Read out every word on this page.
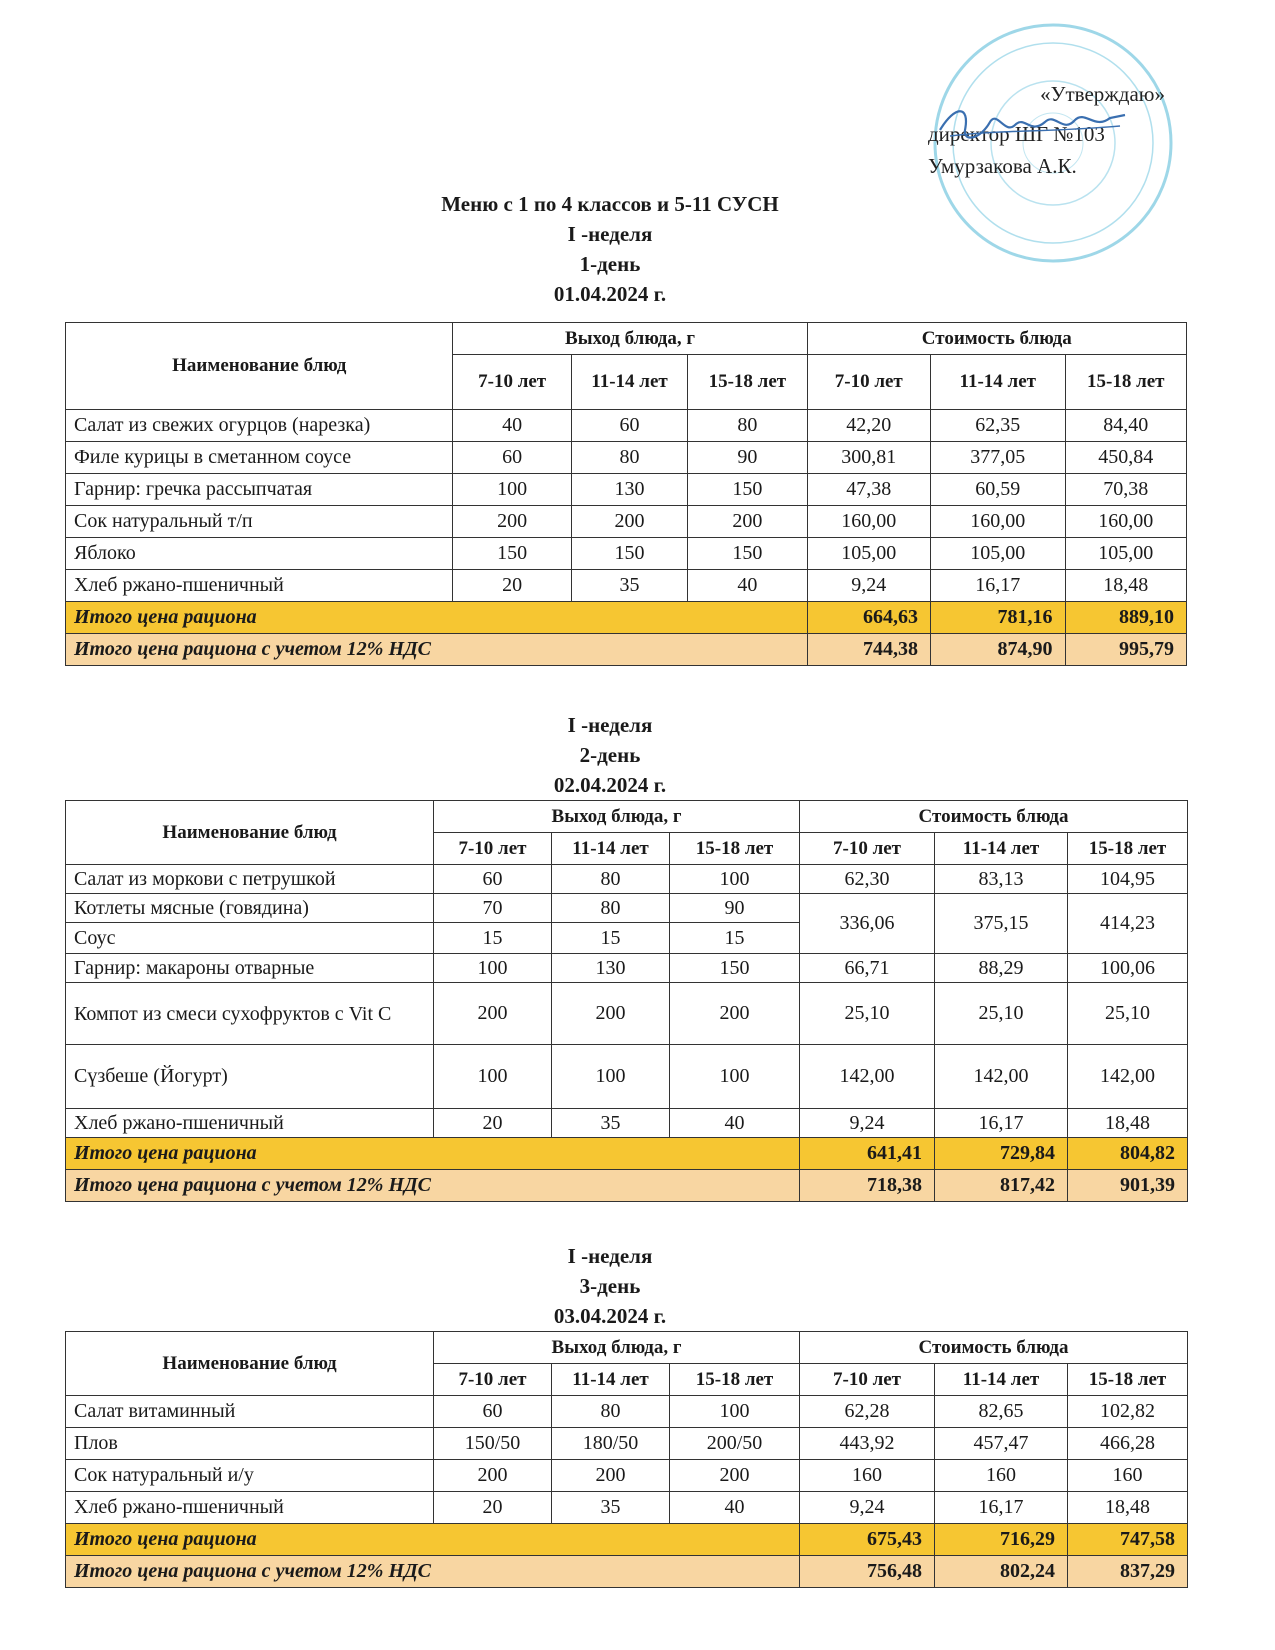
«Утверждаю»
директор ШГ №103
Умурзакова А.К.
Меню с 1 по 4 классов и 5-11 СУСН
I -неделя
1-день
01.04.2024 г.
Наименование блюд	Выход блюда, г			Стоимость блюда		
	7-10 лет	11-14 лет	15-18 лет	7-10 лет	11-14 лет	15-18 лет
Салат из свежих огурцов (нарезка)	40	60	80	42,20	62,35	84,40
Филе курицы в сметанном соусе	60	80	90	300,81	377,05	450,84
Гарнир: гречка рассыпчатая	100	130	150	47,38	60,59	70,38
Сок натуральный т/п	200	200	200	160,00	160,00	160,00
Яблоко	150	150	150	105,00	105,00	105,00
Хлеб ржано-пшеничный	20	35	40	9,24	16,17	18,48
Итого цена рациона				664,63	781,16	889,10
Итого цена рациона с учетом 12% НДС				744,38	874,90	995,79
I -неделя
2-день
02.04.2024 г.
Наименование блюд	Выход блюда, г			Стоимость блюда		
	7-10 лет	11-14 лет	15-18 лет	7-10 лет	11-14 лет	15-18 лет
Салат из моркови с петрушкой	60	80	100	62,30	83,13	104,95
Котлеты мясные (говядина)	70	80	90	336,06	375,15	414,23
Соус	15	15	15			
Гарнир: макароны отварные	100	130	150	66,71	88,29	100,06
Компот из смеси сухофруктов с Vit C	200	200	200	25,10	25,10	25,10
Сүзбеше (Йогурт)	100	100	100	142,00	142,00	142,00
Хлеб ржано-пшеничный	20	35	40	9,24	16,17	18,48
Итого цена рациона				641,41	729,84	804,82
Итого цена рациона с учетом 12% НДС				718,38	817,42	901,39
I -неделя
3-день
03.04.2024 г.
Наименование блюд	Выход блюда, г			Стоимость блюда		
	7-10 лет	11-14 лет	15-18 лет	7-10 лет	11-14 лет	15-18 лет
Салат витаминный	60	80	100	62,28	82,65	102,82
Плов	150/50	180/50	200/50	443,92	457,47	466,28
Сок натуральный и/у	200	200	200	160	160	160
Хлеб ржано-пшеничный	20	35	40	9,24	16,17	18,48
Итого цена рациона				675,43	716,29	747,58
Итого цена рациона с учетом 12% НДС				756,48	802,24	837,29
